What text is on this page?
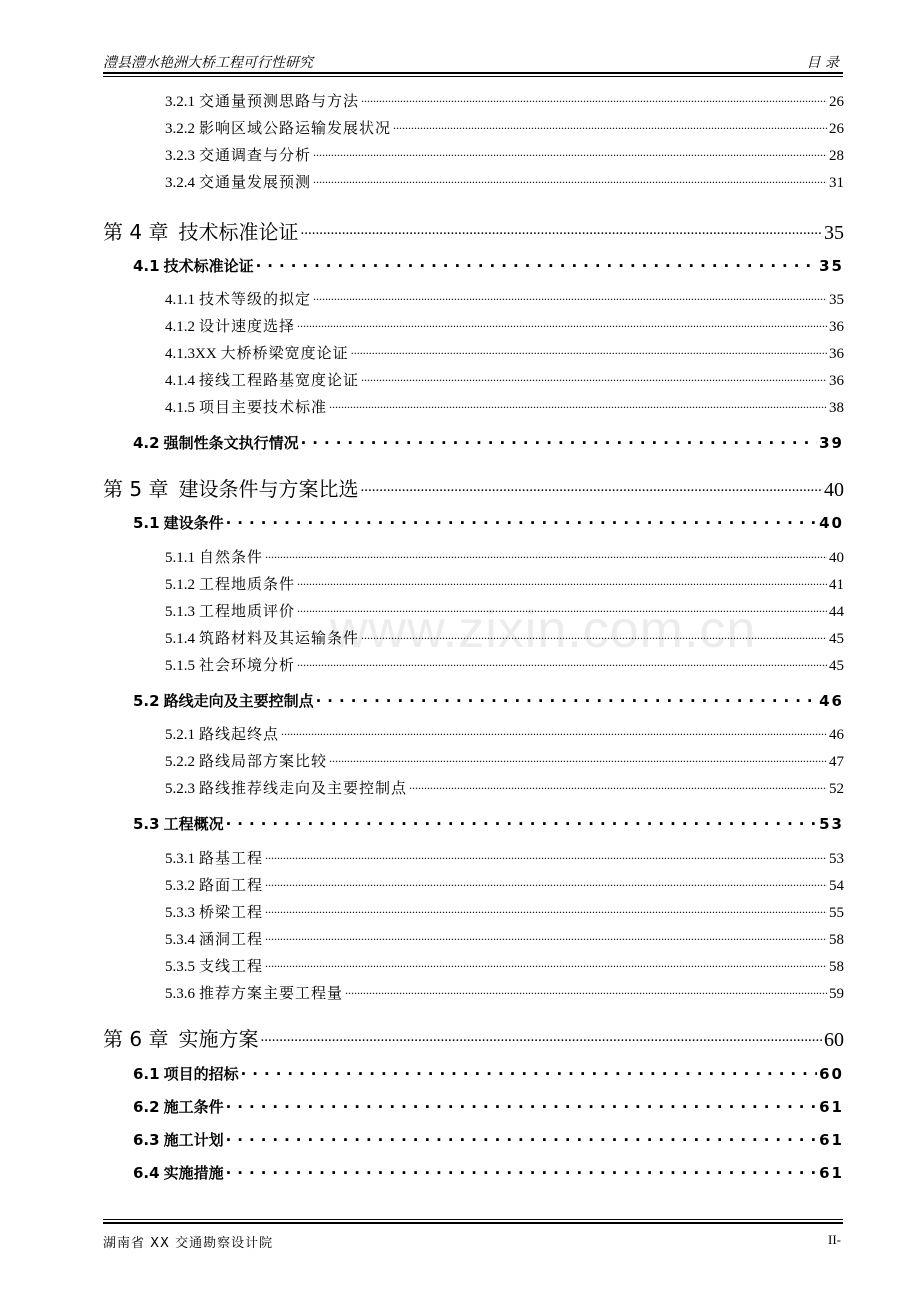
澧县澧水艳洲大桥工程可行性研究	目 录
www.zixin.com.cn
3.2.1 交通量预测思路与方法 .....	26
3.2.2 影响区域公路运输发展状况 .....	26
3.2.3 交通调查与分析 .....	28
3.2.4 交通量发展预测 .....	31
第 4 章 技术标准论证 .....	35
4.1 技术标准论证 .....	35
4.1.1 技术等级的拟定 .....	35
4.1.2 设计速度选择 .....	36
4.1.3XX 大桥桥梁宽度论证 .....	36
4.1.4 接线工程路基宽度论证 .....	36
4.1.5 项目主要技术标准 .....	38
4.2 强制性条文执行情况 .....	39
第 5 章 建设条件与方案比选 .....	40
5.1 建设条件 .....	40
5.1.1 自然条件 .....	40
5.1.2 工程地质条件 .....	41
5.1.3 工程地质评价 .....	44
5.1.4 筑路材料及其运输条件 .....	45
5.1.5 社会环境分析 .....	45
5.2 路线走向及主要控制点 .....	46
5.2.1 路线起终点 .....	46
5.2.2 路线局部方案比较 .....	47
5.2.3 路线推荐线走向及主要控制点 .....	52
5.3 工程概况 .....	53
5.3.1 路基工程 .....	53
5.3.2 路面工程 .....	54
5.3.3 桥梁工程 .....	55
5.3.4 涵洞工程 .....	58
5.3.5 支线工程 .....	58
5.3.6 推荐方案主要工程量 .....	59
第 6 章 实施方案 .....	60
6.1 项目的招标 .....	60
6.2 施工条件 .....	61
6.3 施工计划 .....	61
6.4 实施措施 .....	61
湖南省 XX 交通勘察设计院	II-
